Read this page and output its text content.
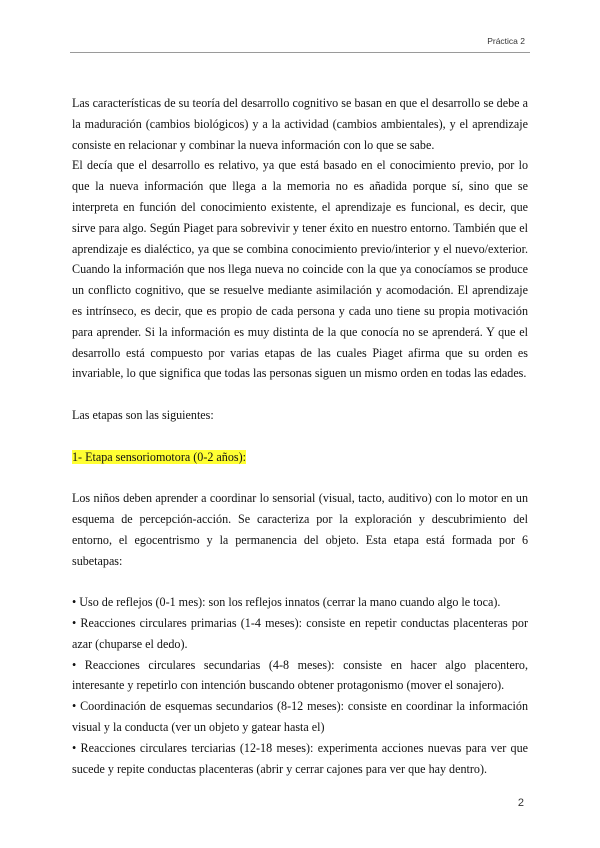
Práctica 2

Las características de su teoría del desarrollo cognitivo se basan en que el desarrollo se debe a la maduración (cambios biológicos) y a la actividad (cambios ambientales), y el aprendizaje consiste en relacionar y combinar la nueva información con lo que se sabe.

El decía que el desarrollo es relativo, ya que está basado en el conocimiento previo, por lo que la nueva información que llega a la memoria no es añadida porque sí, sino que se interpreta en función del conocimiento existente, el aprendizaje es funcional, es decir, que sirve para algo. Según Piaget para sobrevivir y tener éxito en nuestro entorno. También que el aprendizaje es dialéctico, ya que se combina conocimiento previo/interior y el nuevo/exterior. Cuando la información que nos llega nueva no coincide con la que ya conocíamos se produce un conflicto cognitivo, que se resuelve mediante asimilación y acomodación. El aprendizaje es intrínseco, es decir, que es propio de cada persona y cada uno tiene su propia motivación para aprender. Si la información es muy distinta de la que conocía no se aprenderá. Y que el desarrollo está compuesto por varias etapas de las cuales Piaget afirma que su orden es invariable, lo que significa que todas las personas siguen un mismo orden en todas las edades.

Las etapas son las siguientes:

1- Etapa sensoriomotora (0-2 años):

Los niños deben aprender a coordinar lo sensorial (visual, tacto, auditivo) con lo motor en un esquema de percepción-acción. Se caracteriza por la exploración y descubrimiento del entorno, el egocentrismo y la permanencia del objeto. Esta etapa está formada por 6 subetapas:

• Uso de reflejos (0-1 mes): son los reflejos innatos (cerrar la mano cuando algo le toca).

• Reacciones circulares primarias (1-4 meses): consiste en repetir conductas placenteras por azar (chuparse el dedo).

• Reacciones circulares secundarias (4-8 meses): consiste en hacer algo placentero, interesante y repetirlo con intención buscando obtener protagonismo (mover el sonajero).

• Coordinación de esquemas secundarios (8-12 meses): consiste en coordinar la información visual y la conducta (ver un objeto y gatear hasta el)

• Reacciones circulares terciarias (12-18 meses): experimenta acciones nuevas para ver que sucede y repite conductas placenteras (abrir y cerrar cajones para ver que hay dentro).

2
